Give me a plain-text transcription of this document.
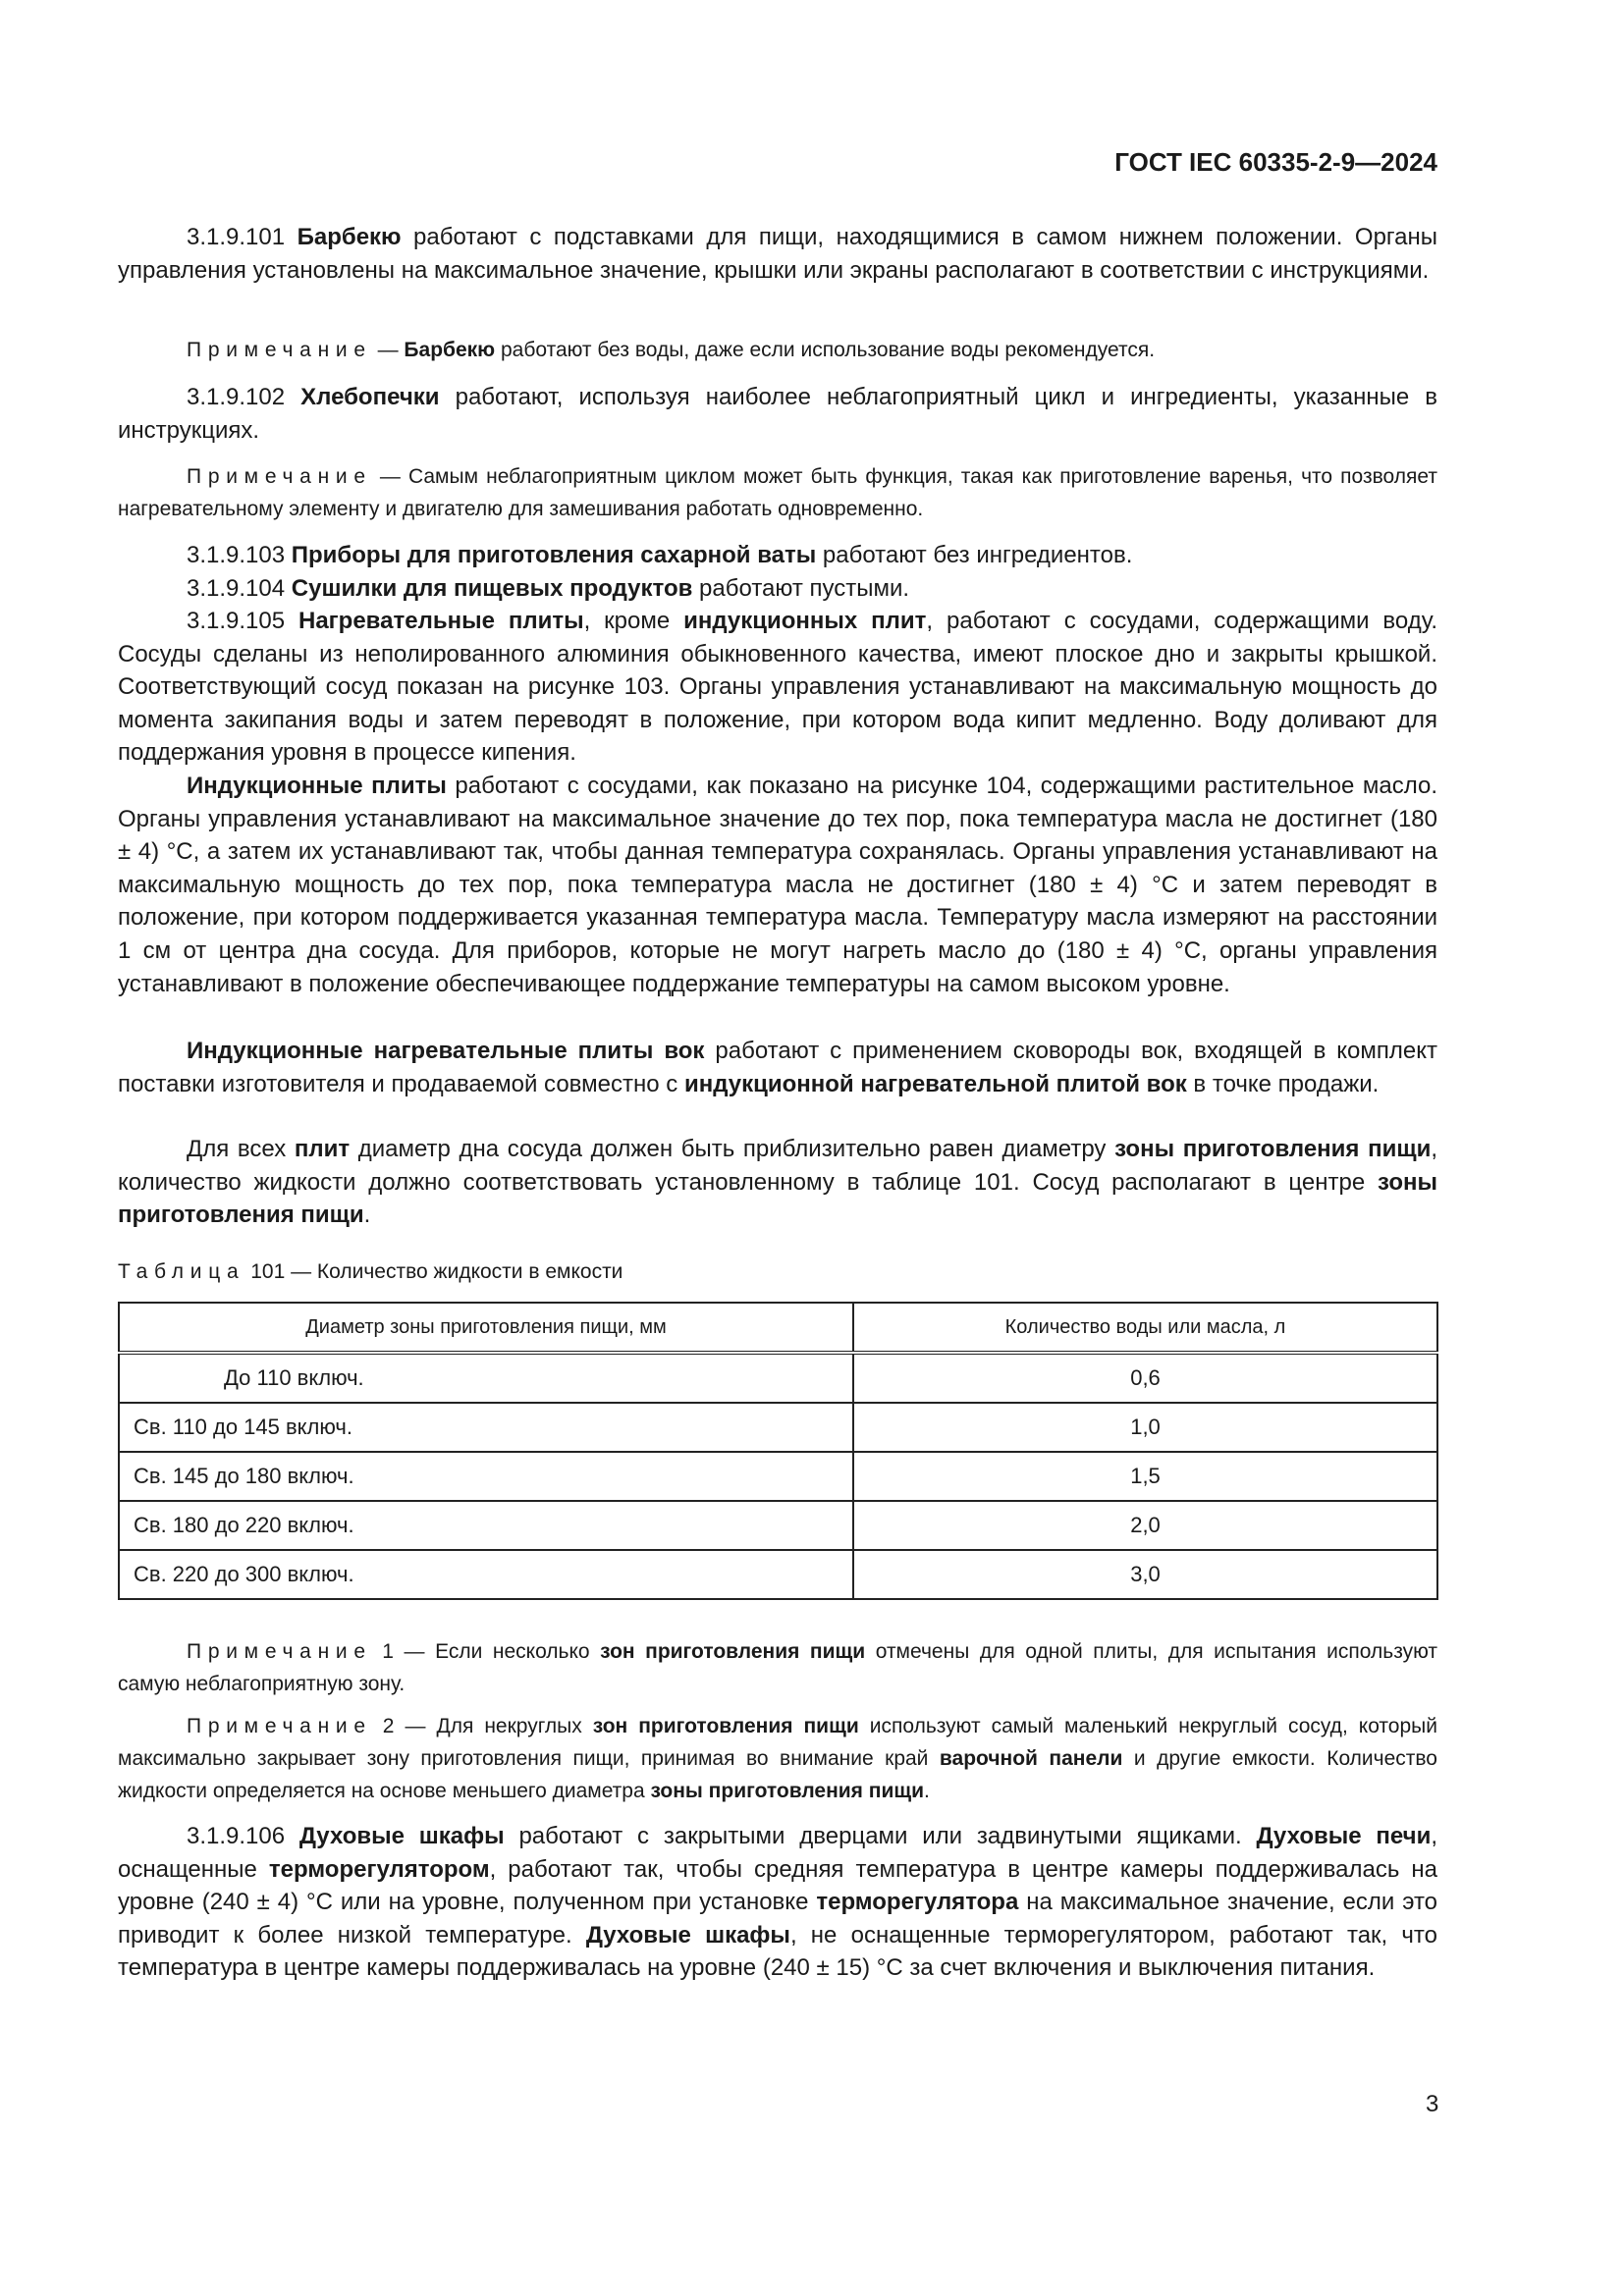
ГОСТ IEC 60335-2-9—2024
3.1.9.101 Барбекю работают с подставками для пищи, находящимися в самом нижнем положении. Органы управления установлены на максимальное значение, крышки или экраны располагают в соответствии с инструкциями.
Примечание — Барбекю работают без воды, даже если использование воды рекомендуется.
3.1.9.102 Хлебопечки работают, используя наиболее неблагоприятный цикл и ингредиенты, указанные в инструкциях.
Примечание — Самым неблагоприятным циклом может быть функция, такая как приготовление варенья, что позволяет нагревательному элементу и двигателю для замешивания работать одновременно.
3.1.9.103 Приборы для приготовления сахарной ваты работают без ингредиентов.
3.1.9.104 Сушилки для пищевых продуктов работают пустыми.
3.1.9.105 Нагревательные плиты, кроме индукционных плит, работают с сосудами, содержащими воду. Сосуды сделаны из неполированного алюминия обыкновенного качества, имеют плоское дно и закрыты крышкой. Соответствующий сосуд показан на рисунке 103. Органы управления устанавливают на максимальную мощность до момента закипания воды и затем переводят в положение, при котором вода кипит медленно. Воду доливают для поддержания уровня в процессе кипения.
Индукционные плиты работают с сосудами, как показано на рисунке 104, содержащими растительное масло. Органы управления устанавливают на максимальное значение до тех пор, пока температура масла не достигнет (180 ± 4) °С, а затем их устанавливают так, чтобы данная температура сохранялась. Органы управления устанавливают на максимальную мощность до тех пор, пока температура масла не достигнет (180 ± 4) °С и затем переводят в положение, при котором поддерживается указанная температура масла. Температуру масла измеряют на расстоянии 1 см от центра дна сосуда. Для приборов, которые не могут нагреть масло до (180 ± 4) °С, органы управления устанавливают в положение обеспечивающее поддержание температуры на самом высоком уровне.
Индукционные нагревательные плиты вок работают с применением сковороды вок, входящей в комплект поставки изготовителя и продаваемой совместно с индукционной нагревательной плитой вок в точке продажи.
Для всех плит диаметр дна сосуда должен быть приблизительно равен диаметру зоны приготовления пищи, количество жидкости должно соответствовать установленному в таблице 101. Сосуд располагают в центре зоны приготовления пищи.
Таблица 101 — Количество жидкости в емкости
Диаметр зоны приготовления пищи, мм	Количество воды или масла, л
До 110 включ.	0,6
Св. 110 до 145 включ.	1,0
Св. 145 до 180 включ.	1,5
Св. 180 до 220 включ.	2,0
Св. 220 до 300 включ.	3,0
Примечание 1 — Если несколько зон приготовления пищи отмечены для одной плиты, для испытания используют самую неблагоприятную зону.
Примечание 2 — Для некруглых зон приготовления пищи используют самый маленький некруглый сосуд, который максимально закрывает зону приготовления пищи, принимая во внимание край варочной панели и другие емкости. Количество жидкости определяется на основе меньшего диаметра зоны приготовления пищи.
3.1.9.106 Духовые шкафы работают с закрытыми дверцами или задвинутыми ящиками. Духовые печи, оснащенные терморегулятором, работают так, чтобы средняя температура в центре камеры поддерживалась на уровне (240 ± 4) °С или на уровне, полученном при установке терморегулятора на максимальное значение, если это приводит к более низкой температуре. Духовые шкафы, не оснащенные терморегулятором, работают так, что температура в центре камеры поддерживалась на уровне (240 ± 15) °С за счет включения и выключения питания.
3
